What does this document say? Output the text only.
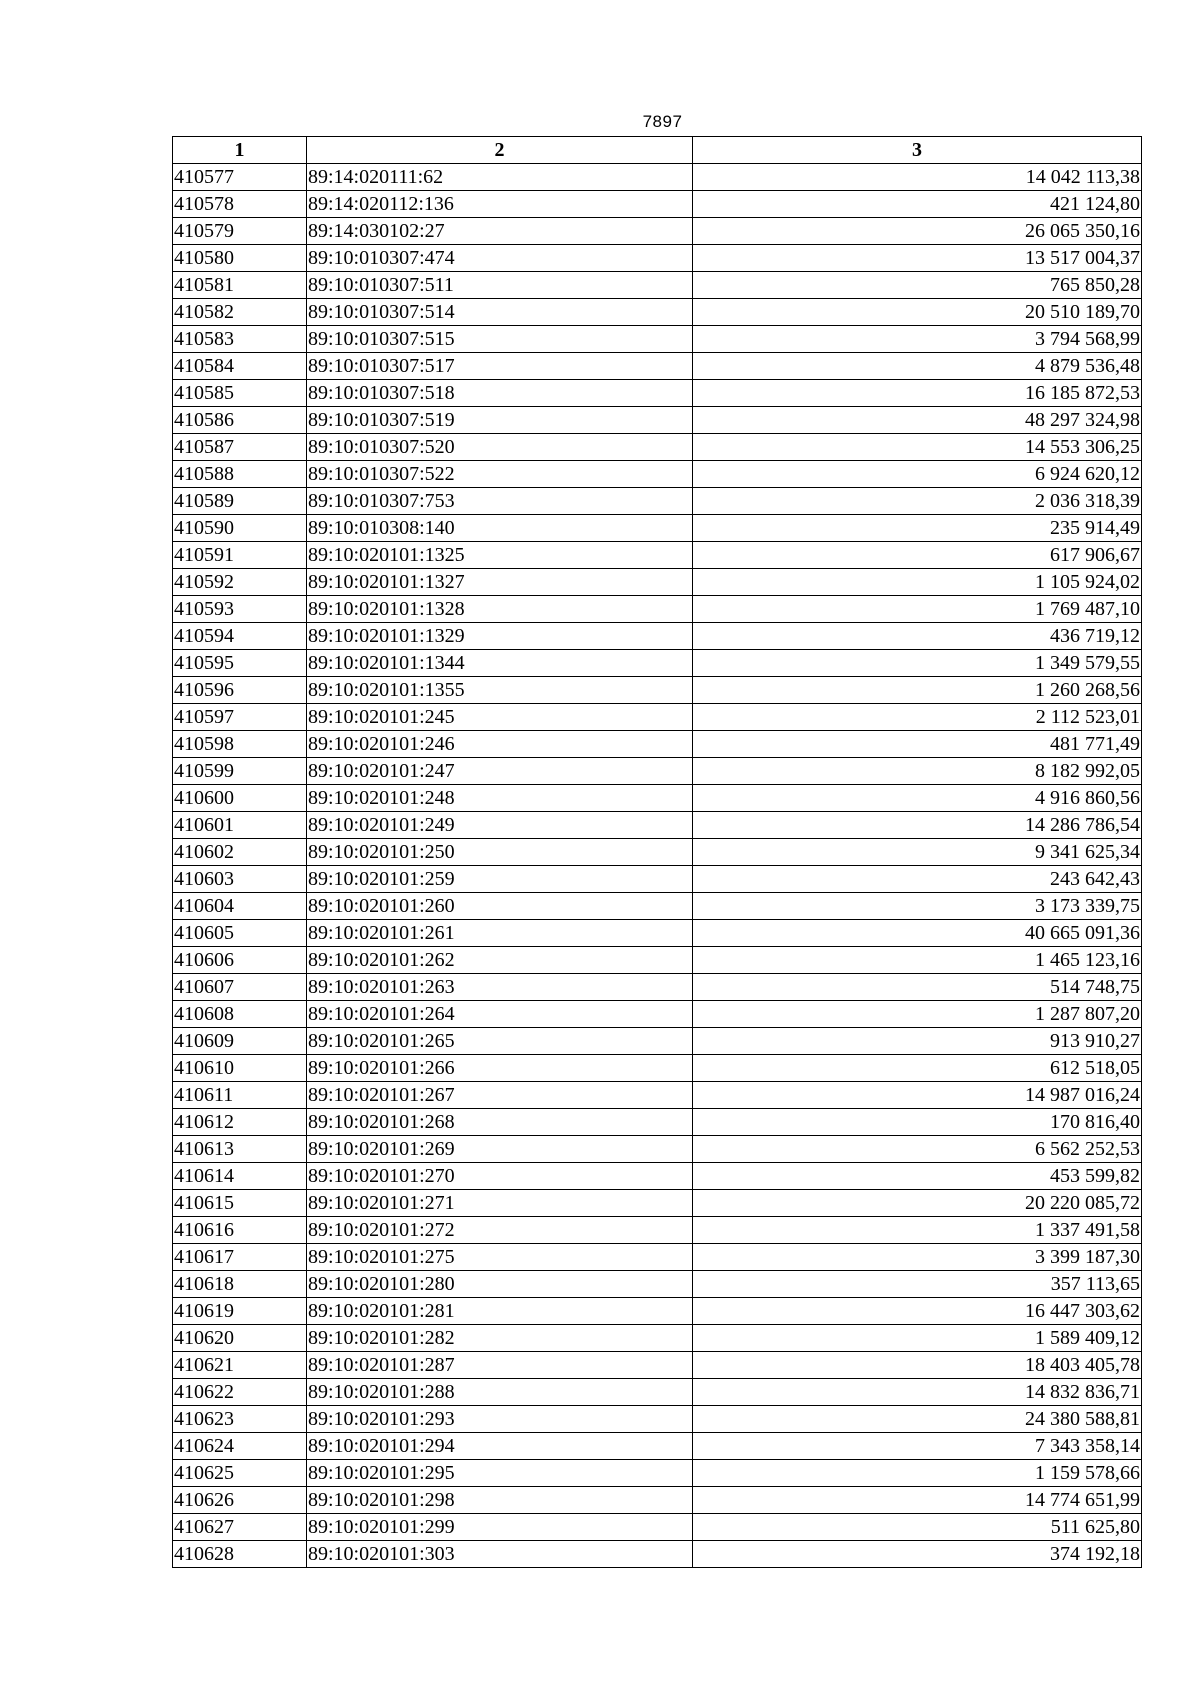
7897
1	2	3
410577	89:14:020111:62	14 042 113,38
410578	89:14:020112:136	421 124,80
410579	89:14:030102:27	26 065 350,16
410580	89:10:010307:474	13 517 004,37
410581	89:10:010307:511	765 850,28
410582	89:10:010307:514	20 510 189,70
410583	89:10:010307:515	3 794 568,99
410584	89:10:010307:517	4 879 536,48
410585	89:10:010307:518	16 185 872,53
410586	89:10:010307:519	48 297 324,98
410587	89:10:010307:520	14 553 306,25
410588	89:10:010307:522	6 924 620,12
410589	89:10:010307:753	2 036 318,39
410590	89:10:010308:140	235 914,49
410591	89:10:020101:1325	617 906,67
410592	89:10:020101:1327	1 105 924,02
410593	89:10:020101:1328	1 769 487,10
410594	89:10:020101:1329	436 719,12
410595	89:10:020101:1344	1 349 579,55
410596	89:10:020101:1355	1 260 268,56
410597	89:10:020101:245	2 112 523,01
410598	89:10:020101:246	481 771,49
410599	89:10:020101:247	8 182 992,05
410600	89:10:020101:248	4 916 860,56
410601	89:10:020101:249	14 286 786,54
410602	89:10:020101:250	9 341 625,34
410603	89:10:020101:259	243 642,43
410604	89:10:020101:260	3 173 339,75
410605	89:10:020101:261	40 665 091,36
410606	89:10:020101:262	1 465 123,16
410607	89:10:020101:263	514 748,75
410608	89:10:020101:264	1 287 807,20
410609	89:10:020101:265	913 910,27
410610	89:10:020101:266	612 518,05
410611	89:10:020101:267	14 987 016,24
410612	89:10:020101:268	170 816,40
410613	89:10:020101:269	6 562 252,53
410614	89:10:020101:270	453 599,82
410615	89:10:020101:271	20 220 085,72
410616	89:10:020101:272	1 337 491,58
410617	89:10:020101:275	3 399 187,30
410618	89:10:020101:280	357 113,65
410619	89:10:020101:281	16 447 303,62
410620	89:10:020101:282	1 589 409,12
410621	89:10:020101:287	18 403 405,78
410622	89:10:020101:288	14 832 836,71
410623	89:10:020101:293	24 380 588,81
410624	89:10:020101:294	7 343 358,14
410625	89:10:020101:295	1 159 578,66
410626	89:10:020101:298	14 774 651,99
410627	89:10:020101:299	511 625,80
410628	89:10:020101:303	374 192,18
